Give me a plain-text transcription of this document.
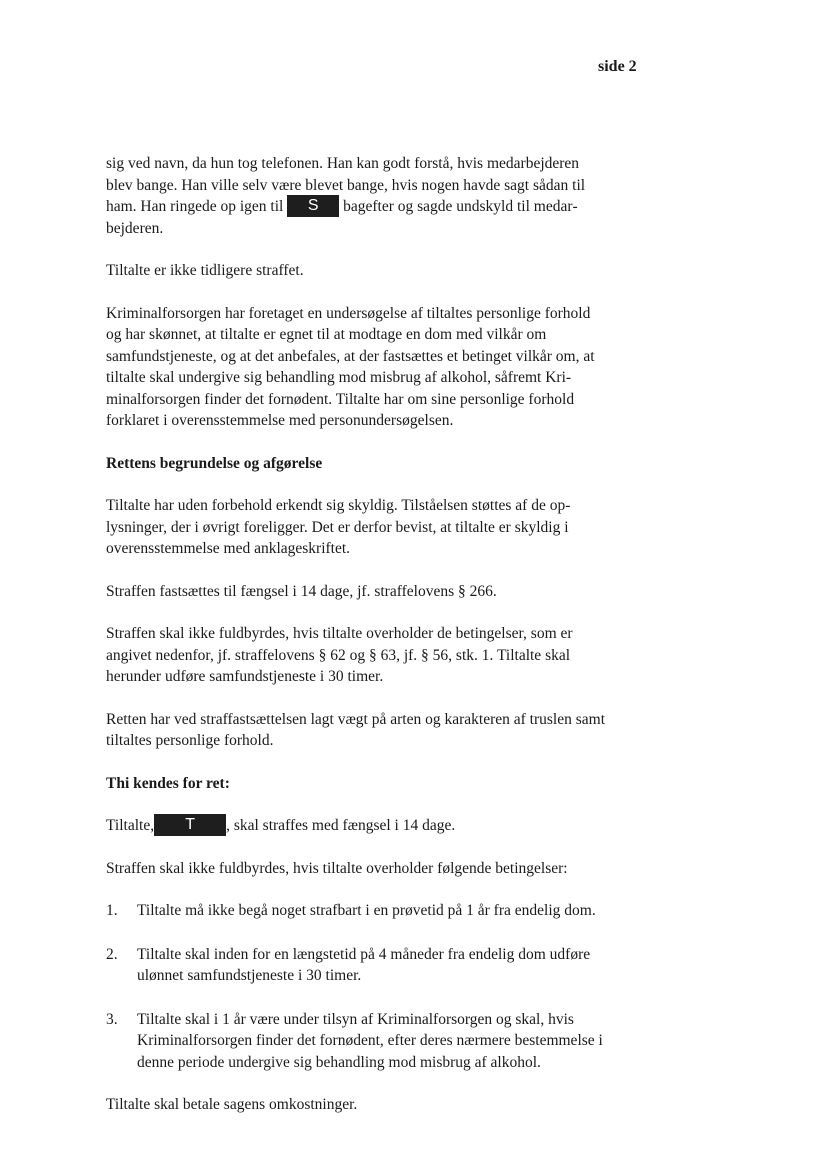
side 2

sig ved navn, da hun tog telefonen. Han kan godt forstå, hvis medarbejderen blev bange. Han ville selv være blevet bange, hvis nogen havde sagt sådan til ham. Han ringede op igen til S bagefter og sagde undskyld til medarbejderen.

Tiltalte er ikke tidligere straffet.

Kriminalforsorgen har foretaget en undersøgelse af tiltaltes personlige forhold og har skønnet, at tiltalte er egnet til at modtage en dom med vilkår om samfundstjeneste, og at det anbefales, at der fastsættes et betinget vilkår om, at tiltalte skal undergive sig behandling mod misbrug af alkohol, såfremt Kriminalforsorgen finder det fornødent. Tiltalte har om sine personlige forhold forklaret i overensstemmelse med personundersøgelsen.

Rettens begrundelse og afgørelse

Tiltalte har uden forbehold erkendt sig skyldig. Tilståelsen støttes af de oplysninger, der i øvrigt foreligger. Det er derfor bevist, at tiltalte er skyldig i overensstemmelse med anklageskriftet.

Straffen fastsættes til fængsel i 14 dage, jf. straffelovens § 266.

Straffen skal ikke fuldbyrdes, hvis tiltalte overholder de betingelser, som er angivet nedenfor, jf. straffelovens § 62 og § 63, jf. § 56, stk. 1. Tiltalte skal herunder udføre samfundstjeneste i 30 timer.

Retten har ved straffastsættelsen lagt vægt på arten og karakteren af truslen samt tiltaltes personlige forhold.

Thi kendes for ret:

Tiltalte, T , skal straffes med fængsel i 14 dage.

Straffen skal ikke fuldbyrdes, hvis tiltalte overholder følgende betingelser:

1. Tiltalte må ikke begå noget strafbart i en prøvetid på 1 år fra endelig dom.
2. Tiltalte skal inden for en længstetid på 4 måneder fra endelig dom udføre ulønnet samfundstjeneste i 30 timer.
3. Tiltalte skal i 1 år være under tilsyn af Kriminalforsorgen og skal, hvis Kriminalforsorgen finder det fornødent, efter deres nærmere bestemmelse i denne periode undergive sig behandling mod misbrug af alkohol.

Tiltalte skal betale sagens omkostninger.
